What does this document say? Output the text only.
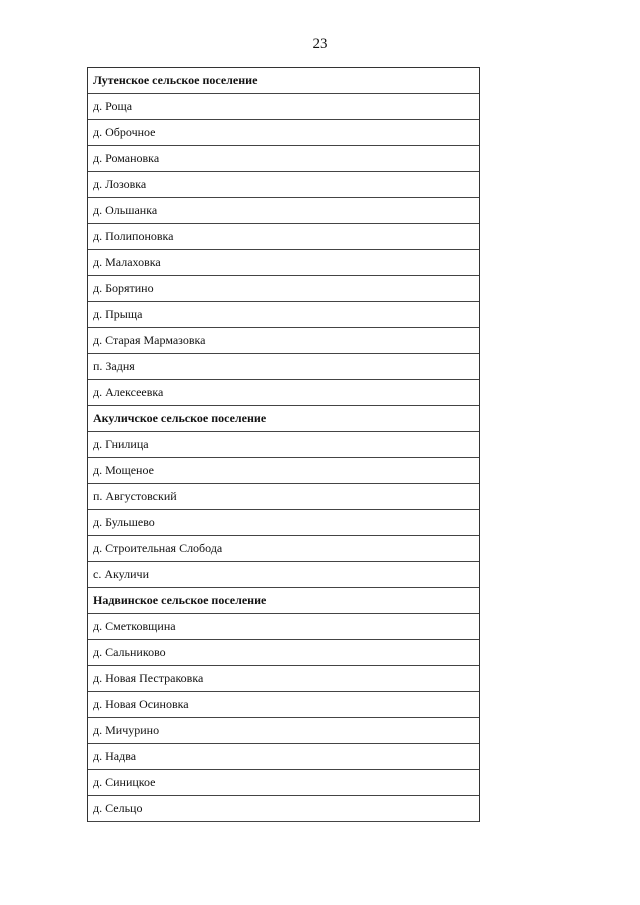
23
Лутенское сельское поселение
д. Роща
д. Оброчное
д. Романовка
д. Лозовка
д. Ольшанка
д. Полипоновка
д. Малаховка
д. Борятино
д. Прыща
д. Старая Мармазовка
п. Задня
д. Алексеевка
Акуличское сельское поселение
д. Гнилица
д. Мощеное
п. Августовский
д. Бульшево
д. Строительная Слобода
с. Акуличи
Надвинское сельское поселение
д. Сметковщина
д. Сальниково
д. Новая Пестраковка
д. Новая Осиновка
д. Мичурино
д. Надва
д. Синицкое
д. Сельцо
